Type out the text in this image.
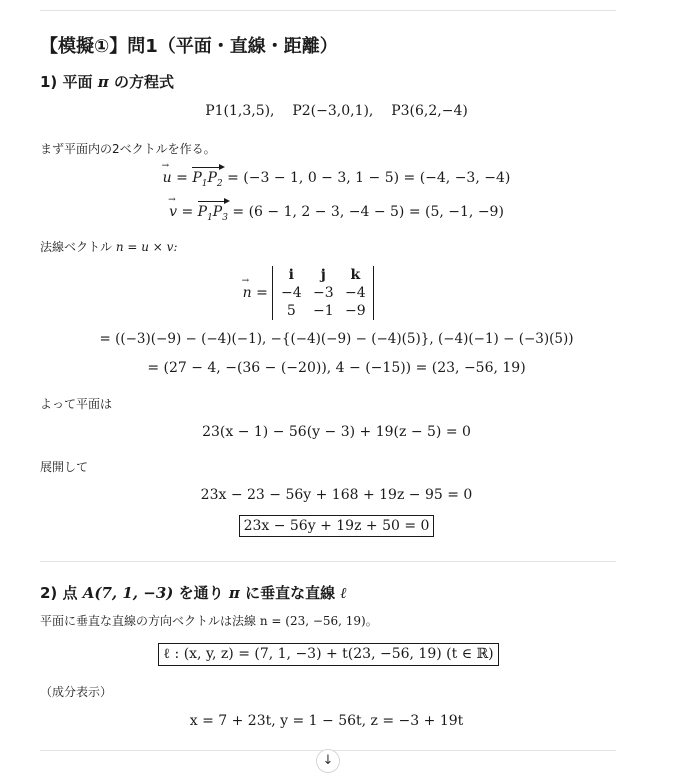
【模擬①】問1（平面・直線・距離）
1) 平面 π の方程式
P1(1,3,5), P2(−3,0,1), P3(6,2,−4)
まず平面内の2ベクトルを作る。
→ $u = P_1P_2 = (-3 - 1$, 0 − 3, 1 − 5) = (−4, −3, −4)
→ $v = P_1P_3 = (6 - 1$, 2 − 3, −4 − 5) = (5, −1, −9)
法線ベクトル n = u × v:
→ n =
i	j	k
−4 −3 −4
5	−1 −9
= ((−3)(−9) − (−4)(−1), −{(−4)(−9) − (−4)(5)}, (−4)(−1) − (−3)(5))
= (27 − 4, −(36 − (−20)), 4 − (−15)) = (23, −56, 19)
よって平面は
23(x − 1) − 56(y − 3) + 19(z − 5) = 0
展開して
23x − 23 − 56y + 168 + 19z − 95 = 0
23x − 56y + 19z + 50 = 0
2) 点 A(7, 1, −3) を通り π に垂直な直線 ℓ
平面に垂直な直線の方向ベクトルは法線 n = (23, −56, 19)。
ℓ : (x, y, z) = (7, 1, −3) + t(23, −56, 19) (t ∈ ℝ)
（成分表示）
x = 7 + 23t, y = 1 − 56t, z = −3 + 19t
↓
